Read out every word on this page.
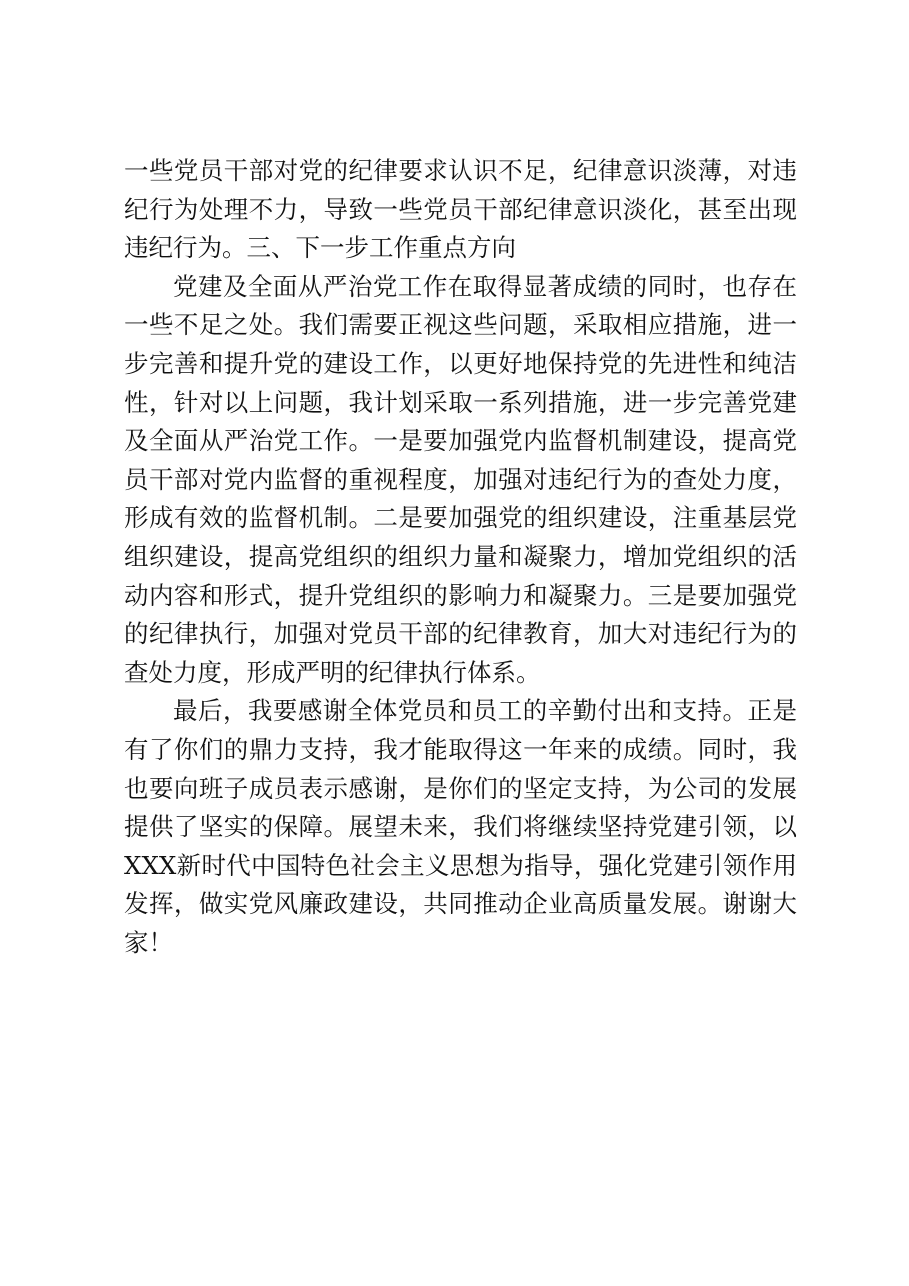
一些党员干部对党的纪律要求认识不足，纪律意识淡薄，对违
纪行为处理不力，导致一些党员干部纪律意识淡化，甚至出现
违纪行为。三、下一步工作重点方向
党建及全面从严治党工作在取得显著成绩的同时，也存在
一些不足之处。我们需要正视这些问题，采取相应措施，进一
步完善和提升党的建设工作，以更好地保持党的先进性和纯洁
性，针对以上问题，我计划采取一系列措施，进一步完善党建
及全面从严治党工作。一是要加强党内监督机制建设，提高党
员干部对党内监督的重视程度，加强对违纪行为的查处力度，
形成有效的监督机制。二是要加强党的组织建设，注重基层党
组织建设，提高党组织的组织力量和凝聚力，增加党组织的活
动内容和形式，提升党组织的影响力和凝聚力。三是要加强党
的纪律执行，加强对党员干部的纪律教育，加大对违纪行为的
查处力度，形成严明的纪律执行体系。
最后，我要感谢全体党员和员工的辛勤付出和支持。正是
有了你们的鼎力支持，我才能取得这一年来的成绩。同时，我
也要向班子成员表示感谢，是你们的坚定支持，为公司的发展
提供了坚实的保障。展望未来，我们将继续坚持党建引领，以
XXX新时代中国特色社会主义思想为指导，强化党建引领作用
发挥，做实党风廉政建设，共同推动企业高质量发展。谢谢大
家！
